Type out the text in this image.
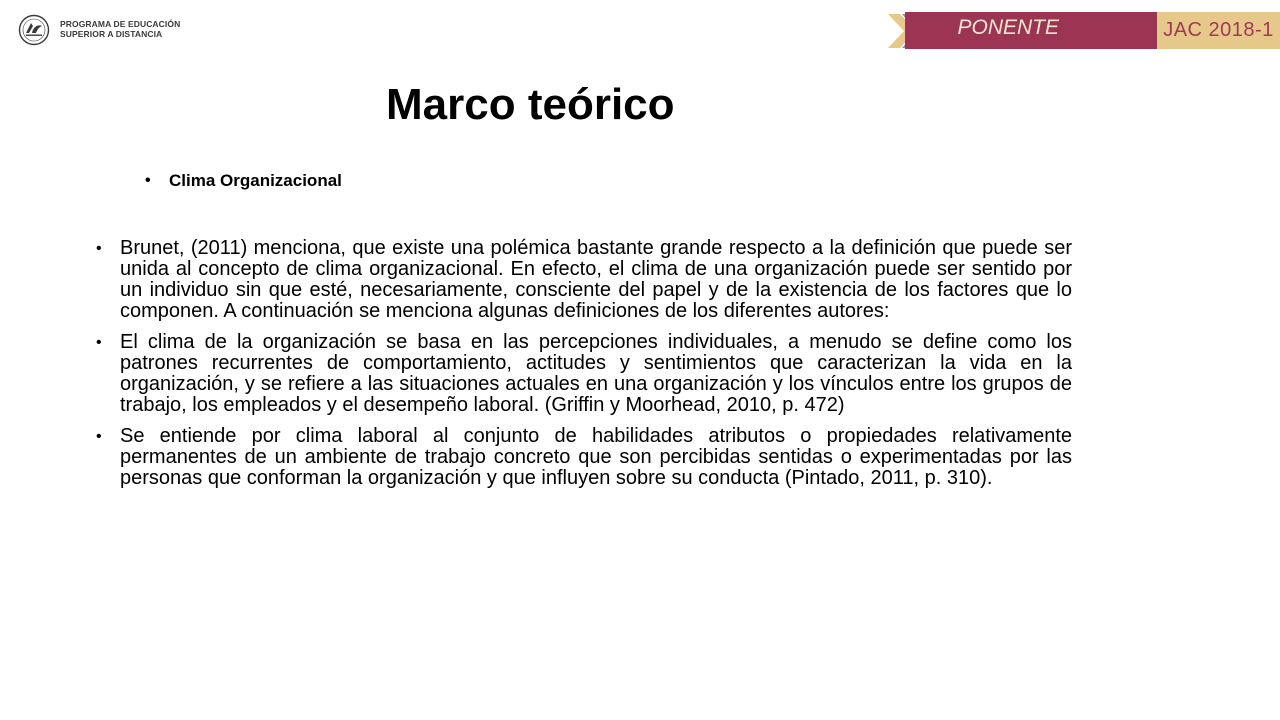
PROGRAMA DE EDUCACIÓN
SUPERIOR A DISTANCIA	PONENTE	JAC 2018-1
Marco teórico
• Clima Organizacional
• Brunet, (2011) menciona, que existe una polémica bastante grande respecto a la definición que puede ser unida al concepto de clima organizacional. En efecto, el clima de una organización puede ser sentido por un individuo sin que esté, necesariamente, consciente del papel y de la existencia de los factores que lo componen. A continuación se menciona algunas definiciones de los diferentes autores:
• El clima de la organización se basa en las percepciones individuales, a menudo se define como los patrones recurrentes de comportamiento, actitudes y sentimientos que caracterizan la vida en la organización, y se refiere a las situaciones actuales en una organización y los vínculos entre los grupos de trabajo, los empleados y el desempeño laboral. (Griffin y Moorhead, 2010, p. 472)
• Se entiende por clima laboral al conjunto de habilidades atributos o propiedades relativamente permanentes de un ambiente de trabajo concreto que son percibidas sentidas o experimentadas por las personas que conforman la organización y que influyen sobre su conducta (Pintado, 2011, p. 310).
